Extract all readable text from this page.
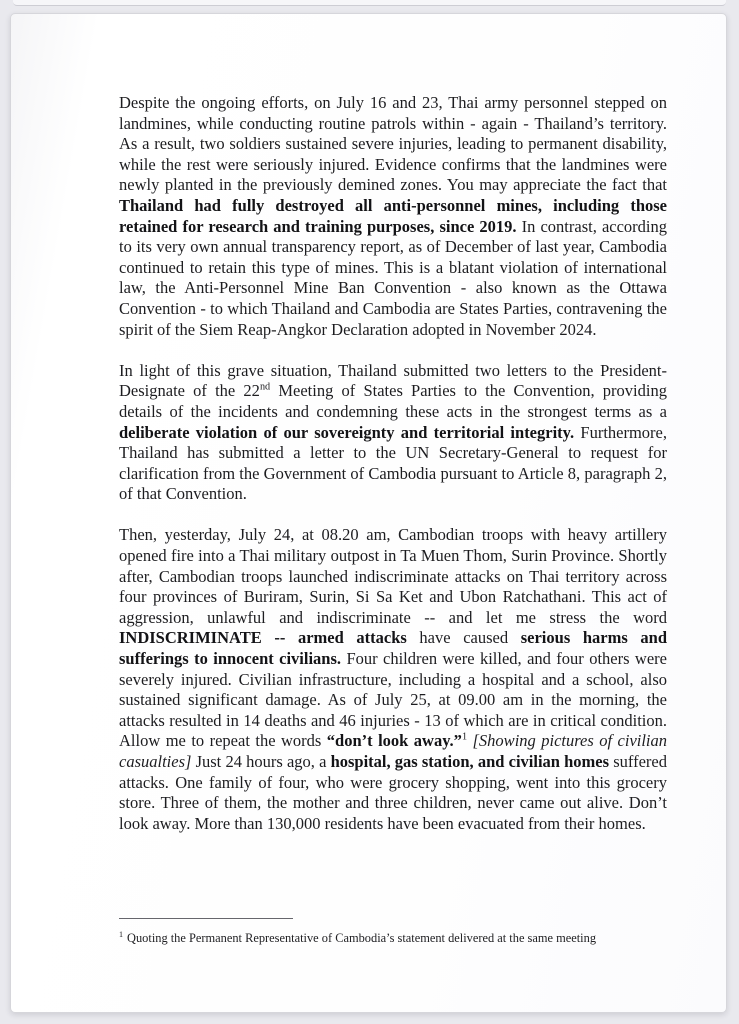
Despite the ongoing efforts, on July 16 and 23, Thai army personnel stepped on landmines, while conducting routine patrols within - again - Thailand’s territory. As a result, two soldiers sustained severe injuries, leading to permanent disability, while the rest were seriously injured. Evidence confirms that the landmines were newly planted in the previously demined zones. You may appreciate the fact that Thailand had fully destroyed all anti-personnel mines, including those retained for research and training purposes, since 2019. In contrast, according to its very own annual transparency report, as of December of last year, Cambodia continued to retain this type of mines. This is a blatant violation of international law, the Anti-Personnel Mine Ban Convention - also known as the Ottawa Convention - to which Thailand and Cambodia are States Parties, contravening the spirit of the Siem Reap-Angkor Declaration adopted in November 2024.

In light of this grave situation, Thailand submitted two letters to the President-Designate of the 22nd Meeting of States Parties to the Convention, providing details of the incidents and condemning these acts in the strongest terms as a deliberate violation of our sovereignty and territorial integrity. Furthermore, Thailand has submitted a letter to the UN Secretary-General to request for clarification from the Government of Cambodia pursuant to Article 8, paragraph 2, of that Convention.

Then, yesterday, July 24, at 08.20 am, Cambodian troops with heavy artillery opened fire into a Thai military outpost in Ta Muen Thom, Surin Province. Shortly after, Cambodian troops launched indiscriminate attacks on Thai territory across four provinces of Buriram, Surin, Si Sa Ket and Ubon Ratchathani. This act of aggression, unlawful and indiscriminate -- and let me stress the word INDISCRIMINATE -- armed attacks have caused serious harms and sufferings to innocent civilians. Four children were killed, and four others were severely injured. Civilian infrastructure, including a hospital and a school, also sustained significant damage. As of July 25, at 09.00 am in the morning, the attacks resulted in 14 deaths and 46 injuries - 13 of which are in critical condition. Allow me to repeat the words “don’t look away.”$^1$ [Showing pictures of civilian casualties] Just 24 hours ago, a hospital, gas station, and civilian homes suffered attacks. One family of four, who were grocery shopping, went into this grocery store. Three of them, the mother and three children, never came out alive. Don’t look away. More than 130,000 residents have been evacuated from their homes.

$^1$ Quoting the Permanent Representative of Cambodia’s statement delivered at the same meeting
